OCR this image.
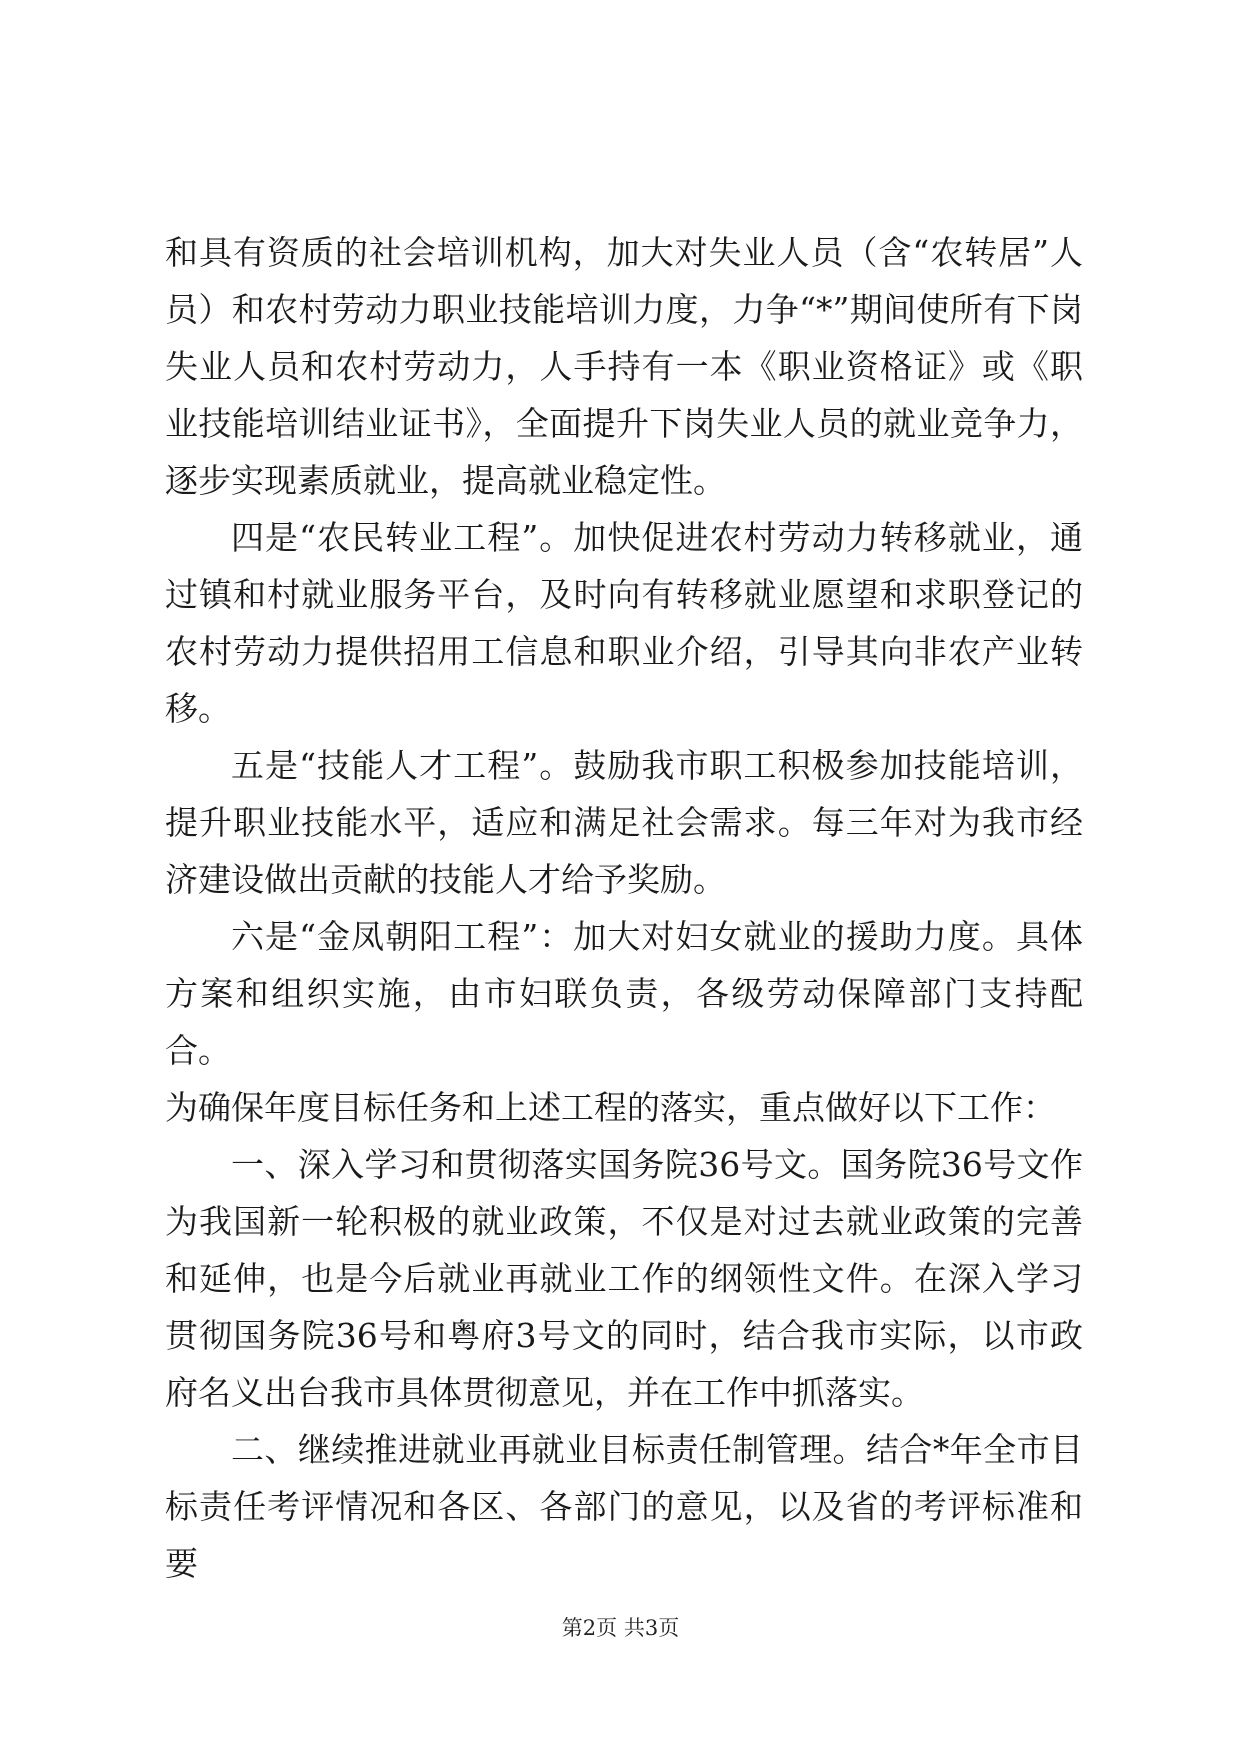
和具有资质的社会培训机构，加大对失业人员（含“农转居”人员）和农村劳动力职业技能培训力度，力争“*”期间使所有下岗失业人员和农村劳动力，人手持有一本《职业资格证》或《职业技能培训结业证书》，全面提升下岗失业人员的就业竞争力，逐步实现素质就业，提高就业稳定性。

四是“农民转业工程”。加快促进农村劳动力转移就业，通过镇和村就业服务平台，及时向有转移就业愿望和求职登记的农村劳动力提供招用工信息和职业介绍，引导其向非农产业转移。

五是“技能人才工程”。鼓励我市职工积极参加技能培训，提升职业技能水平，适应和满足社会需求。每三年对为我市经济建设做出贡献的技能人才给予奖励。

六是“金凤朝阳工程”：加大对妇女就业的援助力度。具体方案和组织实施，由市妇联负责，各级劳动保障部门支持配合。

为确保年度目标任务和上述工程的落实，重点做好以下工作：

一、深入学习和贯彻落实国务院36号文。国务院36号文作为我国新一轮积极的就业政策，不仅是对过去就业政策的完善和延伸，也是今后就业再就业工作的纲领性文件。在深入学习贯彻国务院36号和粤府3号文的同时，结合我市实际，以市政府名义出台我市具体贯彻意见，并在工作中抓落实。

二、继续推进就业再就业目标责任制管理。结合*年全市目标责任考评情况和各区、各部门的意见，以及省的考评标准和要

第2页 共3页
